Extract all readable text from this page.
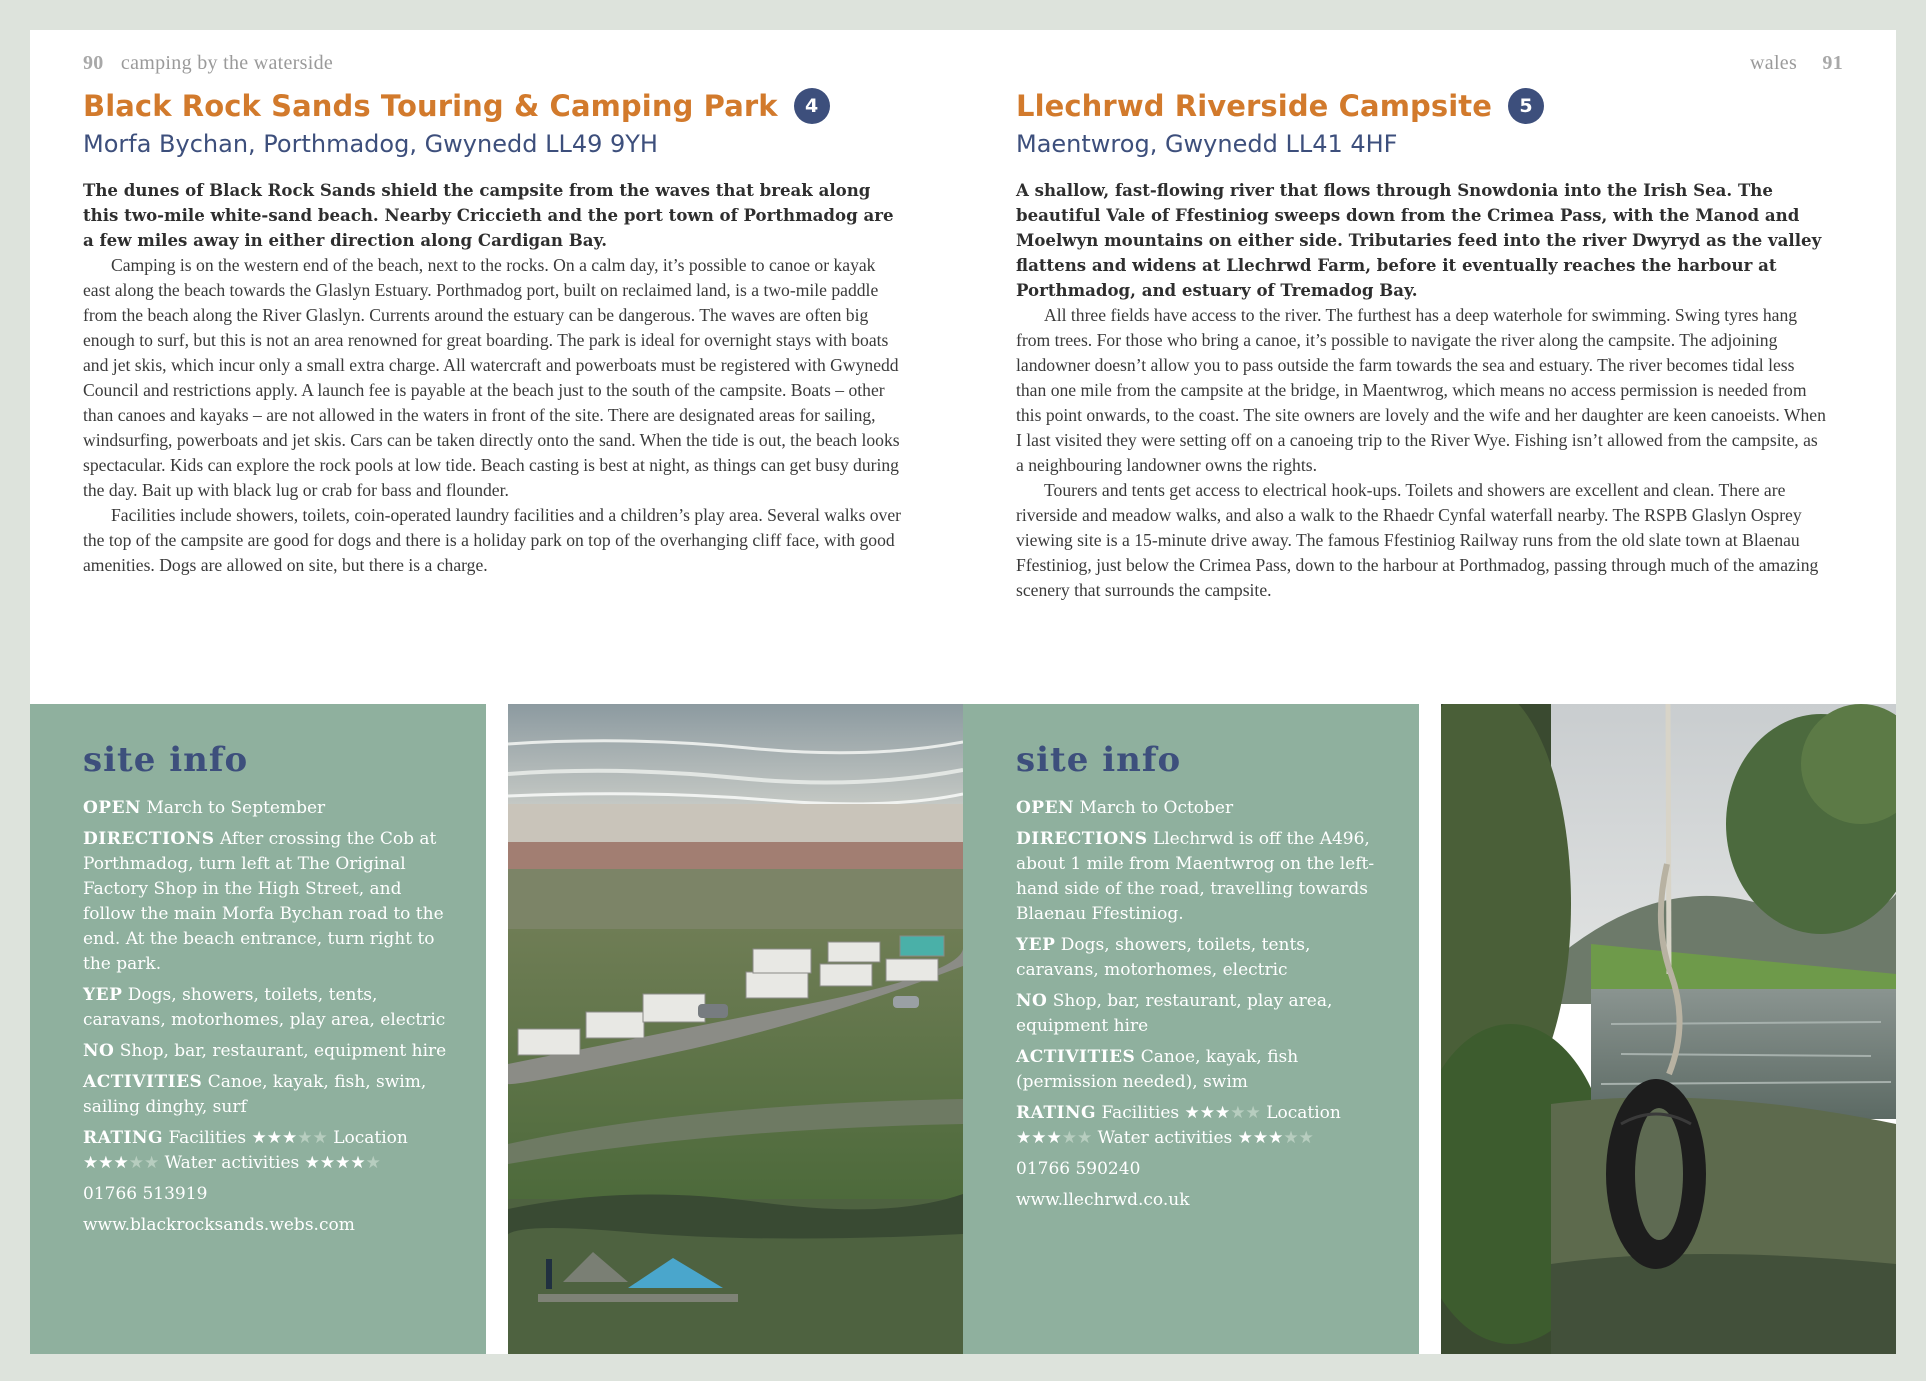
90 camping by the waterside
Black Rock Sands Touring & Camping Park	4
Morfa Bychan, Porthmadog, Gwynedd LL49 9YH

The dunes of Black Rock Sands shield the campsite from the waves that break along this two-mile white-sand beach. Nearby Criccieth and the port town of Porthmadog are a few miles away in either direction along Cardigan Bay.

Camping is on the western end of the beach, next to the rocks. On a calm day, it’s possible to canoe or kayak east along the beach towards the Glaslyn Estuary. Porthmadog port, built on reclaimed land, is a two-mile paddle from the beach along the River Glaslyn. Currents around the estuary can be dangerous. The waves are often big enough to surf, but this is not an area renowned for great boarding. The park is ideal for overnight stays with boats and jet skis, which incur only a small extra charge. All watercraft and powerboats must be registered with Gwynedd Council and restrictions apply. A launch fee is payable at the beach just to the south of the campsite. Boats – other than canoes and kayaks – are not allowed in the waters in front of the site. There are designated areas for sailing, windsurfing, powerboats and jet skis. Cars can be taken directly onto the sand. When the tide is out, the beach looks spectacular. Kids can explore the rock pools at low tide. Beach casting is best at night, as things can get busy during the day. Bait up with black lug or crab for bass and flounder.

Facilities include showers, toilets, coin-operated laundry facilities and a children’s play area. Several walks over the top of the campsite are good for dogs and there is a holiday park on top of the overhanging cliff face, with good amenities. Dogs are allowed on site, but there is a charge.

site info
OPEN March to September
DIRECTIONS After crossing the Cob at Porthmadog, turn left at The Original Factory Shop in the High Street, and follow the main Morfa Bychan road to the end. At the beach entrance, turn right to the park.
YEP Dogs, showers, toilets, tents, caravans, motorhomes, play area, electric
NO Shop, bar, restaurant, equipment hire
ACTIVITIES Canoe, kayak, fish, swim, sailing dinghy, surf
RATING Facilities ★★★★★ Location ★★★★★ Water activities ★★★★★
01766 513919
www.blackrocksands.webs.com
wales 91
Llechrwd Riverside Campsite	5
Maentwrog, Gwynedd LL41 4HF

A shallow, fast-flowing river that flows through Snowdonia into the Irish Sea. The beautiful Vale of Ffestiniog sweeps down from the Crimea Pass, with the Manod and Moelwyn mountains on either side. Tributaries feed into the river Dwyryd as the valley flattens and widens at Llechrwd Farm, before it eventually reaches the harbour at Porthmadog, and estuary of Tremadog Bay.

All three fields have access to the river. The furthest has a deep waterhole for swimming. Swing tyres hang from trees. For those who bring a canoe, it’s possible to navigate the river along the campsite. The adjoining landowner doesn’t allow you to pass outside the farm towards the sea and estuary. The river becomes tidal less than one mile from the campsite at the bridge, in Maentwrog, which means no access permission is needed from this point onwards, to the coast. The site owners are lovely and the wife and her daughter are keen canoeists. When I last visited they were setting off on a canoeing trip to the River Wye. Fishing isn’t allowed from the campsite, as a neighbouring landowner owns the rights.

Tourers and tents get access to electrical hook-ups. Toilets and showers are excellent and clean. There are riverside and meadow walks, and also a walk to the Rhaedr Cynfal waterfall nearby. The RSPB Glaslyn Osprey viewing site is a 15-minute drive away. The famous Ffestiniog Railway runs from the old slate town at Blaenau Ffestiniog, just below the Crimea Pass, down to the harbour at Porthmadog, passing through much of the amazing scenery that surrounds the campsite.

site info
OPEN March to October
DIRECTIONS Llechrwd is off the A496, about 1 mile from Maentwrog on the left-hand side of the road, travelling towards Blaenau Ffestiniog.
YEP Dogs, showers, toilets, tents, caravans, motorhomes, electric
NO Shop, bar, restaurant, play area, equipment hire
ACTIVITIES Canoe, kayak, fish (permission needed), swim
RATING Facilities ★★★★★ Location ★★★★★ Water activities ★★★★★
01766 590240
www.llechrwd.co.uk
